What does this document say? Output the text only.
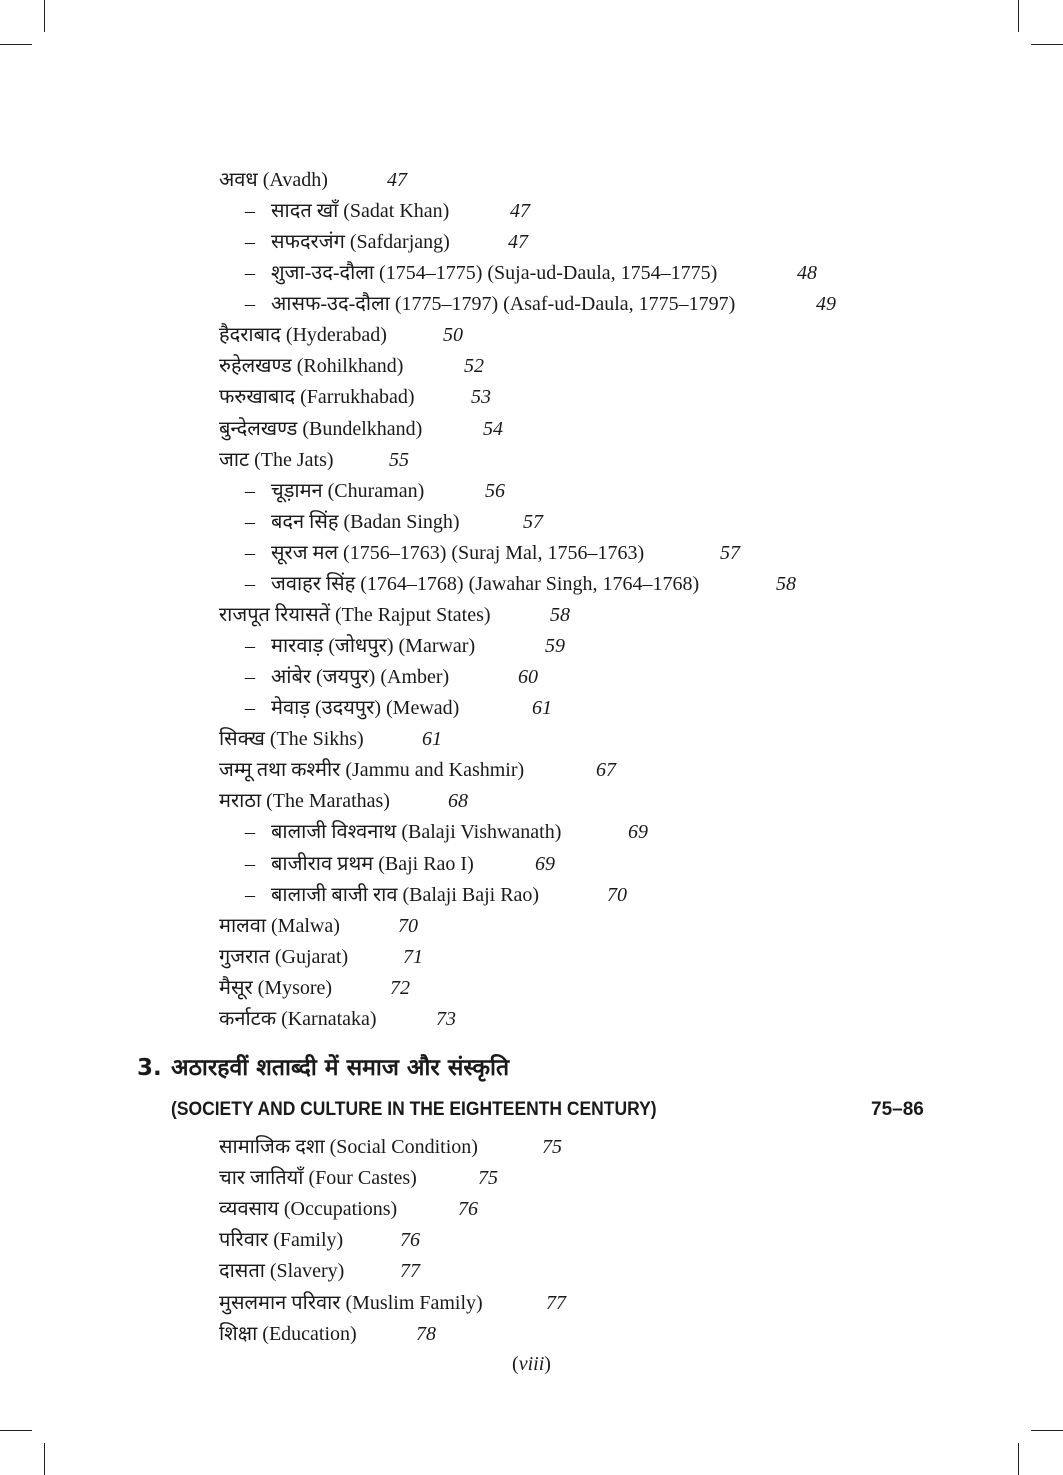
अवध (Avadh)	47
– सादत खाँ (Sadat Khan)	47
– सफदरजंग (Safdarjang)	47
– शुजा-उद-दौला (1754–1775) (Suja-ud-Daula, 1754–1775)	48
– आसफ-उद-दौला (1775–1797) (Asaf-ud-Daula, 1775–1797)	49
हैदराबाद (Hyderabad)	50
रुहेलखण्ड (Rohilkhand)	52
फरुखाबाद (Farrukhabad)	53
बुन्देलखण्ड (Bundelkhand)	54
जाट (The Jats)	55
– चूड़ामन (Churaman)	56
– बदन सिंह (Badan Singh)	57
– सूरज मल (1756–1763) (Suraj Mal, 1756–1763)	57
– जवाहर सिंह (1764–1768) (Jawahar Singh, 1764–1768)	58
राजपूत रियासतें (The Rajput States)	58
– मारवाड़ (जोधपुर) (Marwar)	59
– आंबेर (जयपुर) (Amber)	60
– मेवाड़ (उदयपुर) (Mewad)	61
सिक्ख (The Sikhs)	61
जम्मू तथा कश्मीर (Jammu and Kashmir)	67
मराठा (The Marathas)	68
– बालाजी विश्वनाथ (Balaji Vishwanath)	69
– बाजीराव प्रथम (Baji Rao I)	69
– बालाजी बाजी राव (Balaji Baji Rao)	70
मालवा (Malwa)	70
गुजरात (Gujarat)	71
मैसूर (Mysore)	72
कर्नाटक (Karnataka)	73
3. अठारहवीं शताब्दी में समाज और संस्कृति
(SOCIETY AND CULTURE IN THE EIGHTEENTH CENTURY)	75–86
सामाजिक दशा (Social Condition)	75
चार जातियाँ (Four Castes)	75
व्यवसाय (Occupations)	76
परिवार (Family)	76
दासता (Slavery)	77
मुसलमान परिवार (Muslim Family)	77
शिक्षा (Education)	78
(viii)
